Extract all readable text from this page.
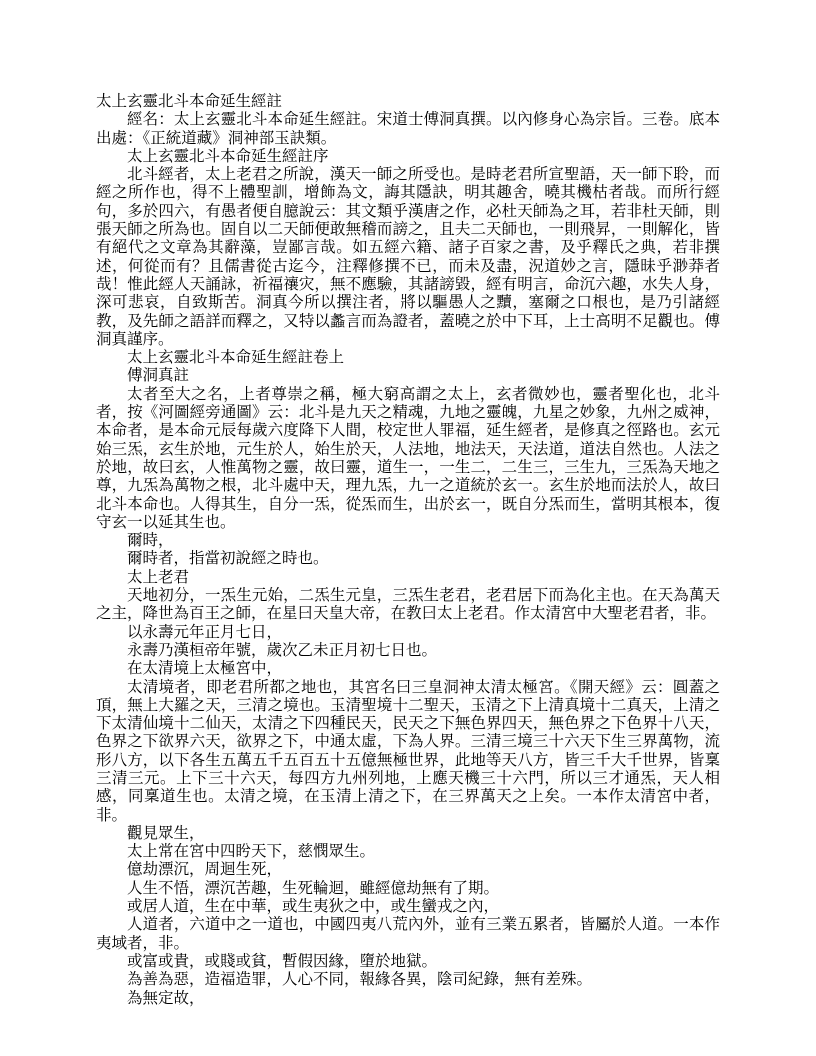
太上玄靈北斗本命延生經註

經名：太上玄靈北斗本命延生經註。宋道士傅洞真撰。以內修身心為宗旨。三卷。底本出處：《正統道藏》洞神部玉訣類。

太上玄靈北斗本命延生經註序

北斗經者，太上老君之所說，漢天一師之所受也。是時老君所宣聖語，天一師下聆，而經之所作也，得不上體聖訓，增飾為文，誨其隱訣，明其趣舍，曉其機枯者哉。而所行經句，多於四六，有愚者便自臆說云：其文類乎漢唐之作，必杜天師為之耳，若非杜天師，則張天師之所為也。固自以二天師便敢無稽而謗之，且夫二天師也，一則飛昇，一則解化，皆有絕代之文章為其辭藻，豈鄙言哉。如五經六籍、諸子百家之書，及乎釋氏之典，若非撰述，何從而有？且儒書從古迄今，注釋修撰不已，而未及盡，況道妙之言，隱昧乎渺莽者哉！惟此經人天誦詠，祈福禳灾，無不應驗，其諸謗毀，經有明言，命沉六趣，水失人身，深可悲哀，自致斯苦。洞真今所以撰注者，將以驅愚人之黷，塞爾之口根也，是乃引諸經教，及先師之語詳而釋之，又特以蠡言而為證者，蓋曉之於中下耳，上士高明不足觀也。傅洞真謹序。

太上玄靈北斗本命延生經註卷上

傅洞真註

太者至大之名，上者尊崇之稱，極大窮高謂之太上，玄者微妙也，靈者聖化也，北斗者，按《河圖經旁通圖》云：北斗是九天之精魂，九地之靈魄，九星之妙象，九州之威神，本命者，是本命元辰每歲六度降下人間，校定世人罪福，延生經者，是修真之徑路也。玄元始三炁，玄生於地，元生於人，始生於天，人法地，地法天，天法道，道法自然也。人法之於地，故曰玄，人惟萬物之靈，故曰靈，道生一，一生二，二生三，三生九，三炁為天地之尊，九炁為萬物之根，北斗處中天，理九炁，九一之道統於玄一。玄生於地而法於人，故曰北斗本命也。人得其生，自分一炁，從炁而生，出於玄一，既自分炁而生，當明其根本，復守玄一以延其生也。

爾時，

爾時者，指當初說經之時也。

太上老君

天地初分，一炁生元始，二炁生元皇，三炁生老君，老君居下而為化主也。在天為萬天之主，降世為百王之師，在星曰天皇大帝，在教曰太上老君。作太清宮中大聖老君者，非。

以永壽元年正月七日，

永壽乃漢桓帝年號，歲次乙未正月初七日也。

在太清境上太極宮中，

太清境者，即老君所都之地也，其宮名曰三皇洞神太清太極宮。《開天經》云：圓蓋之頂，無上大羅之天，三清之境也。玉清聖境十二聖天，玉清之下上清真境十二真天，上清之下太清仙境十二仙天，太清之下四種民天，民天之下無色界四天，無色界之下色界十八天，色界之下欲界六天，欲界之下，中通太虛，下為人界。三清三境三十六天下生三界萬物，流形八方，以下各生五萬五千五百五十五億無極世界，此地等天八方，皆三千大千世界，皆稟三清三元。上下三十六天，每四方九州列地，上應天機三十六門，所以三才通炁，天人相感，同稟道生也。太清之境，在玉清上清之下，在三界萬天之上矣。一本作太清宮中者，非。

觀見眾生，

太上常在宮中四盻天下，慈憫眾生。

億劫漂沉，周迴生死，

人生不悟，漂沉苦趣，生死輪迴，雖經億劫無有了期。

或居人道，生在中華，或生夷狄之中，或生蠻戎之內，

人道者，六道中之一道也，中國四夷八荒內外，並有三業五累者，皆屬於人道。一本作夷域者，非。

或富或貴，或賤或貧，暫假因緣，墮於地獄。

為善為惡，造福造罪，人心不同，報緣各異，陰司紀錄，無有差殊。

為無定故，
